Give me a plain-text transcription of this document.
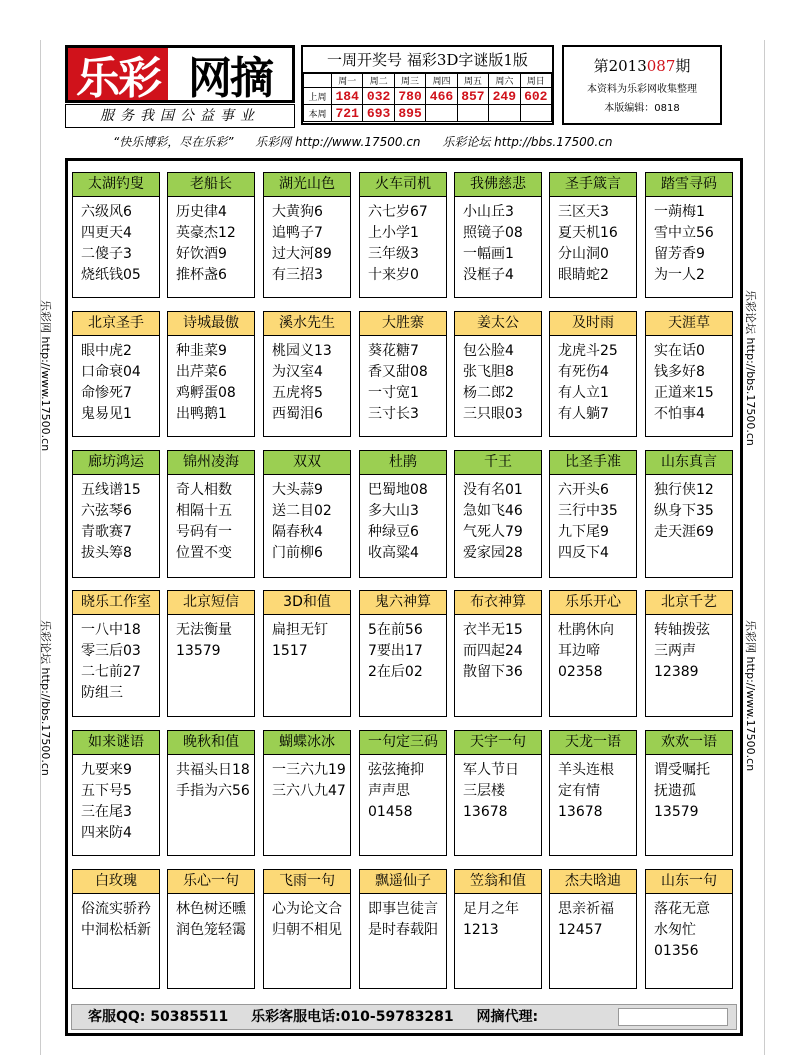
乐彩 网摘
服务我国公益事业
一周开奖号 福彩3D字谜版1版
	周一	周二	周三	周四	周五	周六	周日
上周	184	032	780	466	857	249	602
本周	721	693	895				
第2013087期
本资料为乐彩网收集整理
本版编辑：0818
“快乐博彩，尽在乐彩” 乐彩网 http://www.17500.cn 乐彩论坛 http://bbs.17500.cn
乐彩网 http://www.17500.cn
乐彩论坛 http://bbs.17500.cn
乐彩论坛 http://bbs.17500.cn
乐彩网 http://www.17500.cn
太湖钓叟
六级风6
四更天4
二傻子3
烧纸钱05
老船长
历史律4
英豪杰12
好饮酒9
推杯盏6
湖光山色
大黄狗6
追鸭子7
过大河89
有三招3
火车司机
六七岁67
上小学1
三年级3
十来岁0
我佛慈悲
小山丘3
照镜子08
一幅画1
没框子4
圣手箴言
三区天3
夏天机16
分山洞0
眼睛蛇2
踏雪寻码
一蒴梅1
雪中立56
留芳香9
为一人2
北京圣手
眼中虎2
口命衰04
命惨死7
鬼易见1
诗城最傲
种韭菜9
出芹菜6
鸡孵蛋08
出鸭鹅1
溪水先生
桃园义13
为汉室4
五虎将5
西蜀泪6
大胜寨
葵花糖7
香又甜08
一寸宽1
三寸长3
姜太公
包公脸4
张飞胆8
杨二郎2
三只眼03
及时雨
龙虎斗25
有死伤4
有人立1
有人躺7
天涯草
实在话0
钱多好8
正道来15
不怕事4
廊坊鸿运
五线谱15
六弦琴6
青歌赛7
拔头筹8
锦州凌海
奇人相数
相隔十五
号码有一
位置不变
双双
大头蒜9
送二目02
隔春秋4
门前柳6
杜鹃
巴蜀地08
多大山3
种绿豆6
收高粱4
千王
没有名01
急如飞46
气死人79
爱家园28
比圣手准
六开头6
三行中35
九下尾9
四反下4
山东真言
独行侠12
纵身下35
走天涯69
晓乐工作室
一八中18
零三后03
二七前27
防组三
北京短信
无法衡量
13579
3D和值
扁担无钉
1517
鬼六神算
5在前56
7要出17
2在后02
布衣神算
衣半无15
而四起24
散留下36
乐乐开心
杜鹃休向
耳边啼
02358
北京千艺
转轴拨弦
三两声
12389
如来谜语
九要来9
五下号5
三在尾3
四来防4
晚秋和值
共福头日18
手指为六56
蝴蝶冰冰
一三六九19
三六八九47
一句定三码
弦弦掩抑
声声思
01458
天宇一句
军人节日
三层楼
13678
天龙一语
羊头连根
定有情
13678
欢欢一语
谓受嘱托
抚遗孤
13579
白玫瑰
俗流实骄矜
中洞松栝新
乐心一句
林色树还曛
润色笼轻霭
飞雨一句
心为论文合
归朝不相见
飘遥仙子
即事岂徒言
是时春载阳
笠翁和值
足月之年
1213
杰夫晗迪
思亲祈福
12457
山东一句
落花无意
水匆忙
01356
客服QQ: 50385511 乐彩客服电话:010-59783281 网摘代理:
